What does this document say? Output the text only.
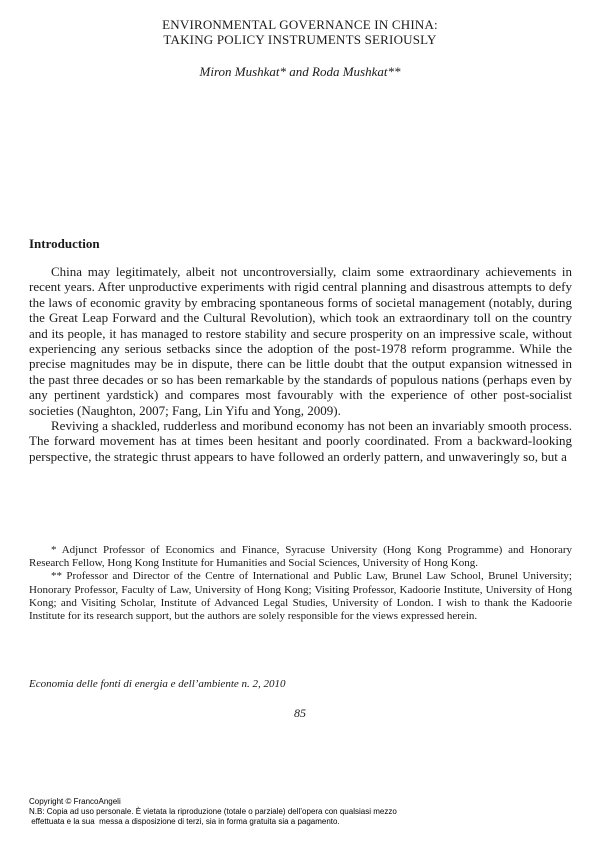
ENVIRONMENTAL GOVERNANCE IN CHINA:
TAKING POLICY INSTRUMENTS SERIOUSLY
Miron Mushkat* and Roda Mushkat**
Introduction

China may legitimately, albeit not uncontroversially, claim some extraordinary achievements in recent years. After unproductive experiments with rigid central planning and disastrous attempts to defy the laws of economic gravity by embracing spontaneous forms of societal management (notably, during the Great Leap Forward and the Cultural Revolution), which took an extraordinary toll on the country and its people, it has managed to restore stability and secure prosperity on an impressive scale, without experiencing any serious setbacks since the adoption of the post-1978 reform programme. While the precise magnitudes may be in dispute, there can be little doubt that the output expansion witnessed in the past three decades or so has been remarkable by the standards of populous nations (perhaps even by any pertinent yardstick) and compares most favourably with the experience of other post-socialist societies (Naughton, 2007; Fang, Lin Yifu and Yong, 2009).

Reviving a shackled, rudderless and moribund economy has not been an invariably smooth process. The forward movement has at times been hesitant and poorly coordinated. From a backward-looking perspective, the strategic thrust appears to have followed an orderly pattern, and unwaveringly so, but a

* Adjunct Professor of Economics and Finance, Syracuse University (Hong Kong Programme) and Honorary Research Fellow, Hong Kong Institute for Humanities and Social Sciences, University of Hong Kong.

** Professor and Director of the Centre of International and Public Law, Brunel Law School, Brunel University; Honorary Professor, Faculty of Law, University of Hong Kong; Visiting Professor, Kadoorie Institute, University of Hong Kong; and Visiting Scholar, Institute of Advanced Legal Studies, University of London. I wish to thank the Kadoorie Institute for its research support, but the authors are solely responsible for the views expressed herein.

Economia delle fonti di energia e dell’ambiente n. 2, 2010
85
Copyright © FrancoAngeli
N.B: Copia ad uso personale. È vietata la riproduzione (totale o parziale) dell’opera con qualsiasi mezzo
effettuata e la sua  messa a disposizione di terzi, sia in forma gratuita sia a pagamento.
